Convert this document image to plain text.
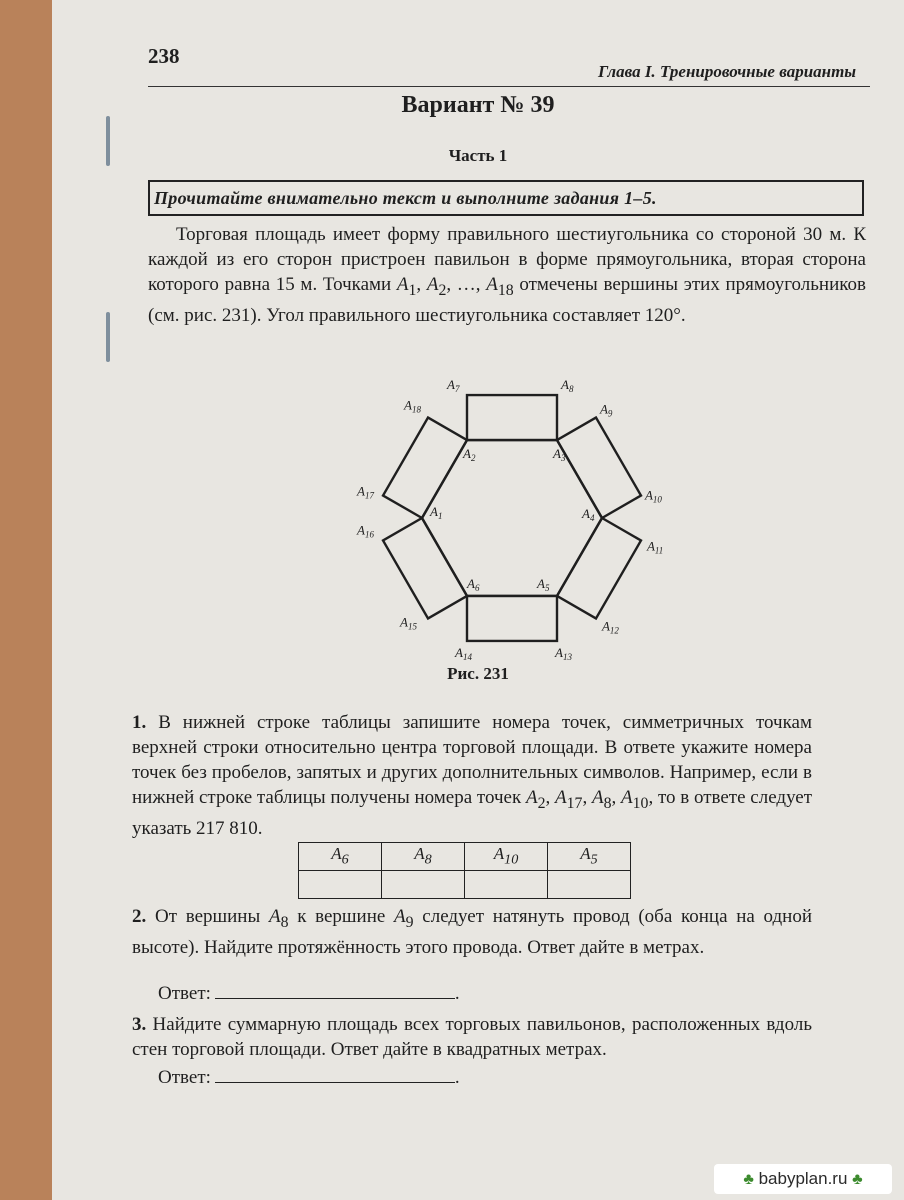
238
Глава I. Тренировочные варианты
Вариант № 39
Часть 1
Прочитайте внимательно текст и выполните задания 1–5.
Торговая площадь имеет форму правильного шестиугольника со стороной 30 м. К каждой из его сторон пристроен павильон в форме прямоугольника, вторая сторона которого равна 15 м. Точками $A_1$, $A_2$, …, $A_{18}$ отмечены вершины этих прямоугольников (см. рис. 231). Угол правильного шестиугольника составляет 120°.
$A_1$
$A_2$	$A_3$
$A_4$
$A_5$
$A_6$
$A_7$	$A_8$
$A_9$
$A_{10}$
$A_{11}$
$A_{12}$
$A_{13}$
$A_{14}$
$A_{15}$
$A_{16}$
$A_{17}$
$A_{18}$
Рис. 231
1. В нижней строке таблицы запишите номера точек, симметричных точкам верхней строки относительно центра торговой площади. В ответе укажите номера точек без пробелов, запятых и других дополнительных символов. Например, если в нижней строке таблицы получены номера точек $A_2$, $A_{17}$, $A_8$, $A_{10}$, то в ответе следует указать 217 810.
$A_6$	$A_8$	$A_{10}$	$A_5$

2. От вершины $A_8$ к вершине $A_9$ следует натянуть провод (оба конца на одной высоте). Найдите протяжённость этого провода. Ответ дайте в метрах.
Ответ:	.
3. Найдите суммарную площадь всех торговых павильонов, расположенных вдоль стен торговой площади. Ответ дайте в квадратных метрах.
Ответ:	.
♣ babyplan.ru ♣
